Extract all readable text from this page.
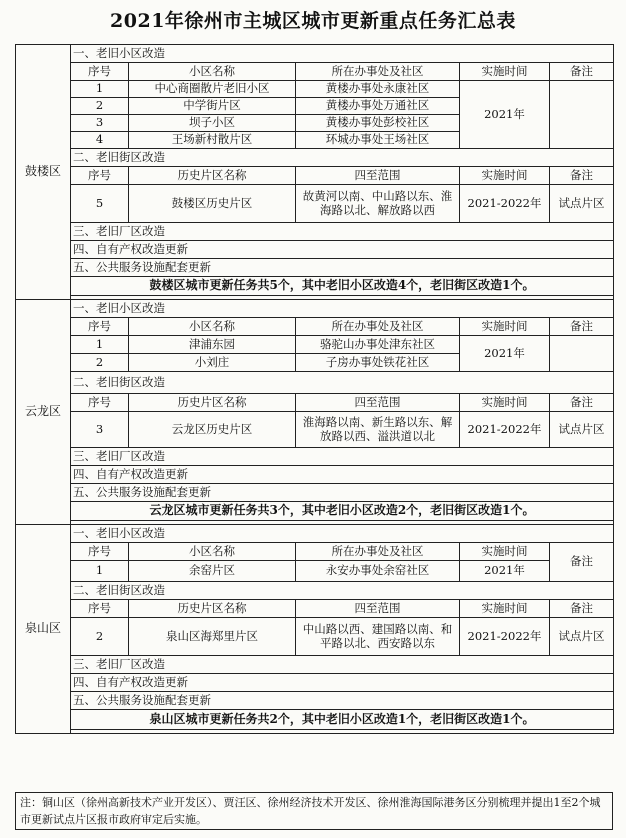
2021年徐州市主城区城市更新重点任务汇总表
鼓楼区	一、老旧小区改造				
	序号	小区名称	所在办事处及社区	实施时间	备注
	1	中心商圈散片老旧小区	黄楼办事处永康社区	2021年	
	2	中学街片区	黄楼办事处万通社区		
	3	坝子小区	黄楼办事处彭校社区		
	4	王场新村散片区	环城办事处王场社区		
	二、老旧街区改造				
	序号	历史片区名称	四至范围	实施时间	备注
	5	鼓楼区历史片区	故黄河以南、中山路以东、淮海路以北、解放路以西	2021-2022年	试点片区
	三、老旧厂区改造				
	四、自有产权改造更新				
	五、公共服务设施配套更新				
	鼓楼区城市更新任务共5个，其中老旧小区改造4个，老旧街区改造1个。				

云龙区	一、老旧小区改造				
	序号	小区名称	所在办事处及社区	实施时间	备注
	1	津浦东园	骆驼山办事处津东社区	2021年	
	2	小刘庄	子房办事处铁花社区		
	二、老旧街区改造				
	序号	历史片区名称	四至范围	实施时间	备注
	3	云龙区历史片区	淮海路以南、新生路以东、解放路以西、溢洪道以北	2021-2022年	试点片区
	三、老旧厂区改造				
	四、自有产权改造更新				
	五、公共服务设施配套更新				
	云龙区城市更新任务共3个，其中老旧小区改造2个，老旧街区改造1个。				

泉山区	一、老旧小区改造				
	序号	小区名称	所在办事处及社区	实施时间	备注
	1	余窑片区	永安办事处余窑社区	2021年	
	二、老旧街区改造				
	序号	历史片区名称	四至范围	实施时间	备注
	2	泉山区海郑里片区	中山路以西、建国路以南、和平路以北、西安路以东	2021-2022年	试点片区
	三、老旧厂区改造				
	四、自有产权改造更新				
	五、公共服务设施配套更新				
	泉山区城市更新任务共2个，其中老旧小区改造1个，老旧街区改造1个。				

注：铜山区（徐州高新技术产业开发区）、贾汪区、徐州经济技术开发区、徐州淮海国际港务区分别梳理并提出1至2个城市更新试点片区报市政府审定后实施。
